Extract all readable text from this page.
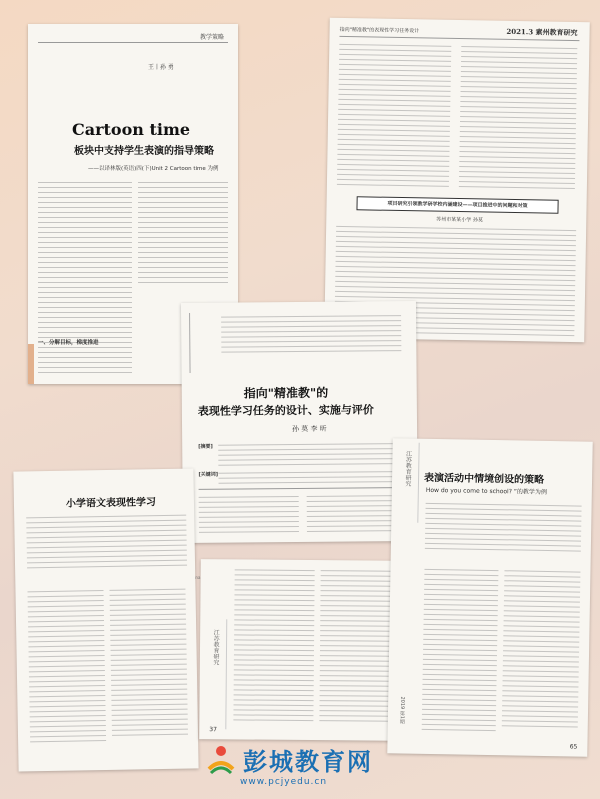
教学策略
王丨孙 勇
Cartoon time
板块中支持学生表演的指导策略
——以译林版(英语)四(下)Unit 2 Cartoon time 为例
一、分解目标，梯度推进
指向"精准教"的表现性学习任务设计	2021.3 素州教育研究
项目研究引领教学研学校内涵建设——项目推进中的问题和对策
苏州市某某小学 孙莫
指向"精准教"的
表现性学习任务的设计、实施与评价
孙 莫 李 昕
[摘要]
[关键词]
小学语文表现性学习
江苏教育研究
37
江苏教育研究 表演活动中情境创设的策略
How do you come to school? ”的教学为例
2019 第1期
65
彭城教育网
www.pcjyedu.cn
